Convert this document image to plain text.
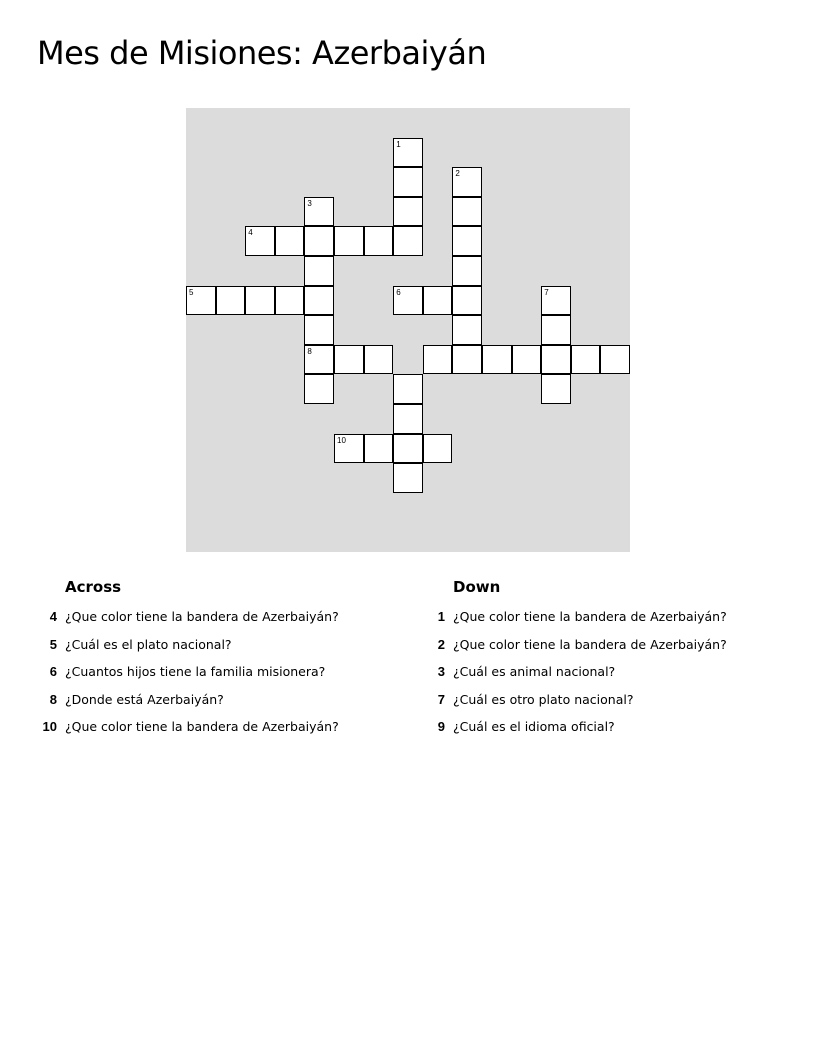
Mes de Misiones: Azerbaiyán
1
2
3
8
4
5	6	7
10
Across
4 ¿Que color tiene la bandera de Azerbaiyán?
5 ¿Cuál es el plato nacional?
6 ¿Cuantos hijos tiene la familia misionera?
8 ¿Donde está Azerbaiyán?
10 ¿Que color tiene la bandera de Azerbaiyán?
Down
1 ¿Que color tiene la bandera de Azerbaiyán?
2 ¿Que color tiene la bandera de Azerbaiyán?
3 ¿Cuál es animal nacional?
7 ¿Cuál es otro plato nacional?
9 ¿Cuál es el idioma oficial?
